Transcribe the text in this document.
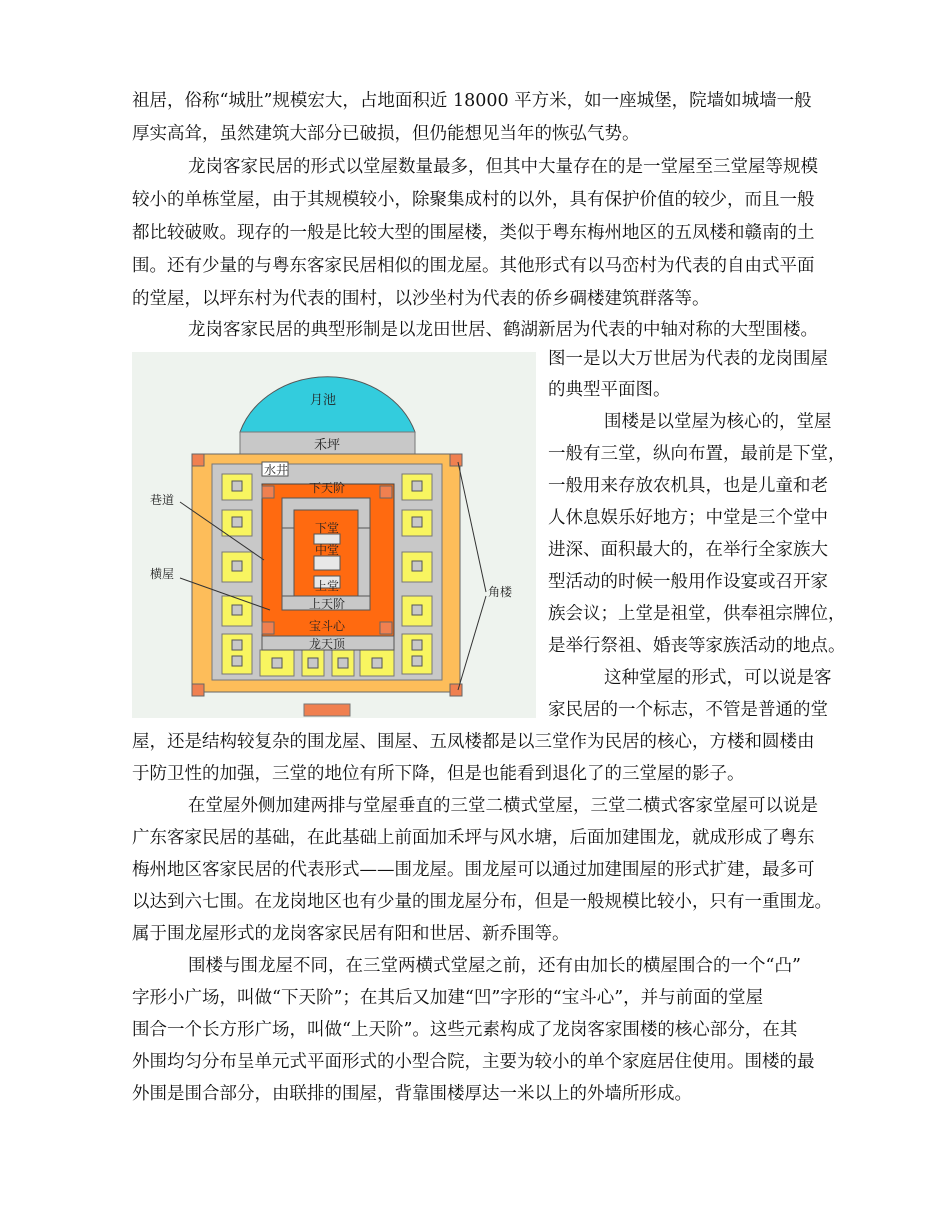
祖居，俗称“城肚”规模宏大，占地面积近 18000 平方米，如一座城堡，院墙如城墙一般
厚实高耸，虽然建筑大部分已破损，但仍能想见当年的恢弘气势。
龙岗客家民居的形式以堂屋数量最多，但其中大量存在的是一堂屋至三堂屋等规模
较小的单栋堂屋，由于其规模较小，除聚集成村的以外，具有保护价值的较少，而且一般
都比较破败。现存的一般是比较大型的围屋楼，类似于粤东梅州地区的五凤楼和赣南的土
围。还有少量的与粤东客家民居相似的围龙屋。其他形式有以马峦村为代表的自由式平面
的堂屋，以坪东村为代表的围村，以沙坐村为代表的侨乡碉楼建筑群落等。
龙岗客家民居的典型形制是以龙田世居、鹤湖新居为代表的中轴对称的大型围楼。
图一是以大万世居为代表的龙岗围屋
的典型平面图。
围楼是以堂屋为核心的，堂屋
一般有三堂，纵向布置，最前是下堂，
一般用来存放农机具，也是儿童和老
人休息娱乐好地方；中堂是三个堂中
进深、面积最大的，在举行全家族大
型活动的时候一般用作设宴或召开家
族会议；上堂是祖堂，供奉祖宗牌位，
是举行祭祖、婚丧等家族活动的地点。
这种堂屋的形式，可以说是客
家民居的一个标志，不管是普通的堂
屋，还是结构较复杂的围龙屋、围屋、五凤楼都是以三堂作为民居的核心，方楼和圆楼由
于防卫性的加强，三堂的地位有所下降，但是也能看到退化了的三堂屋的影子。
在堂屋外侧加建两排与堂屋垂直的三堂二横式堂屋，三堂二横式客家堂屋可以说是
广东客家民居的基础，在此基础上前面加禾坪与风水塘，后面加建围龙，就成形成了粤东
梅州地区客家民居的代表形式——围龙屋。围龙屋可以通过加建围屋的形式扩建，最多可
以达到六七围。在龙岗地区也有少量的围龙屋分布，但是一般规模比较小，只有一重围龙。
属于围龙屋形式的龙岗客家民居有阳和世居、新乔围等。
围楼与围龙屋不同，在三堂两横式堂屋之前，还有由加长的横屋围合的一个“凸”
字形小广场，叫做“下天阶”；在其后又加建“凹”字形的“宝斗心”，并与前面的堂屋
围合一个长方形广场，叫做“上天阶”。这些元素构成了龙岗客家围楼的核心部分，在其
外围均匀分布呈单元式平面形式的小型合院，主要为较小的单个家庭居住使用。围楼的最
外围是围合部分，由联排的围屋，背靠围楼厚达一米以上的外墙所形成。
月池
禾坪
水井
下天阶
下堂
中堂
上堂
上天阶
宝斗心
龙天顶
巷道
横屋
角楼
